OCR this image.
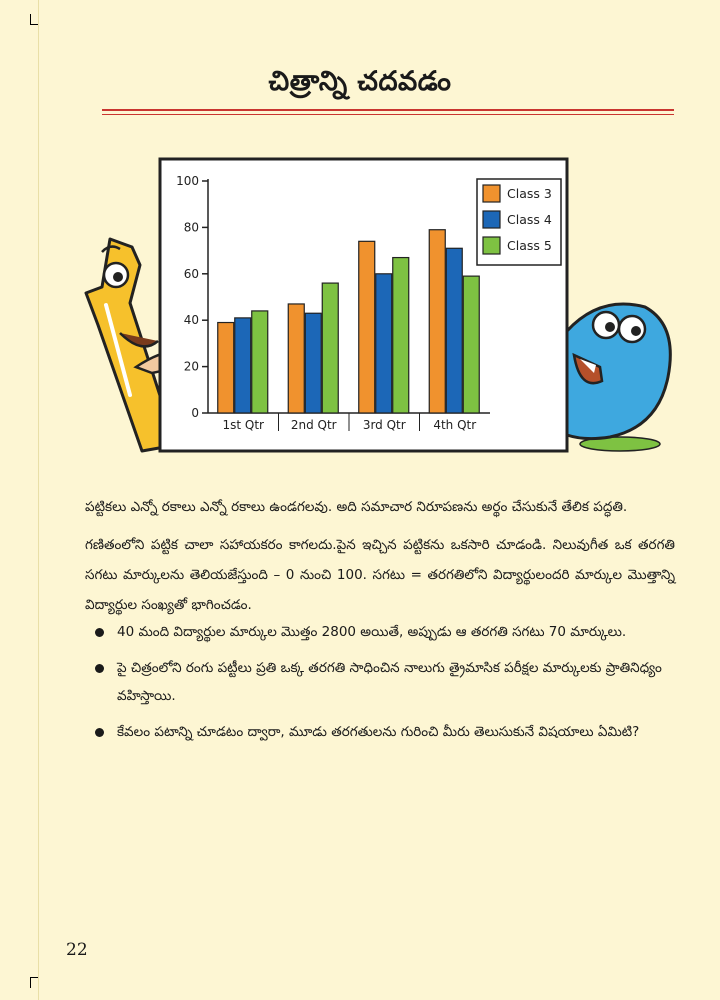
చిత్రాన్ని చదవడం
0
20
40
60
80
100
1st Qtr 2nd Qtr 3rd Qtr 4th Qtr
Class 3
Class 4
Class 5
పట్టికలు ఎన్నో రకాలు ఎన్నో రకాలు ఉండగలవు. అది సమాచార నిరూపణను అర్థం చేసుకునే తేలిక పద్ధతి.
గణితంలోని పట్టిక చాలా సహాయకరం కాగలదు.పైన ఇచ్చిన పట్టికను ఒకసారి చూడండి. నిలువుగీత ఒక తరగతి సగటు మార్కులను తెలియజేస్తుంది – 0 నుంచి 100. సగటు = తరగతిలోని విద్యార్థులందరి మార్కుల మొత్తాన్ని విద్యార్థుల సంఖ్యతో భాగించడం.
40 మంది విద్యార్థుల మార్కుల మొత్తం 2800 అయితే, అప్పుడు ఆ తరగతి సగటు 70 మార్కులు.
పై చిత్రంలోని రంగు పట్టీలు ప్రతి ఒక్క తరగతి సాధించిన నాలుగు త్రైమాసిక పరీక్షల మార్కులకు ప్రాతినిధ్యం వహిస్తాయి.
కేవలం పటాన్ని చూడటం ద్వారా, మూడు తరగతులను గురించి మీరు తెలుసుకునే విషయాలు ఏమిటి?
22
